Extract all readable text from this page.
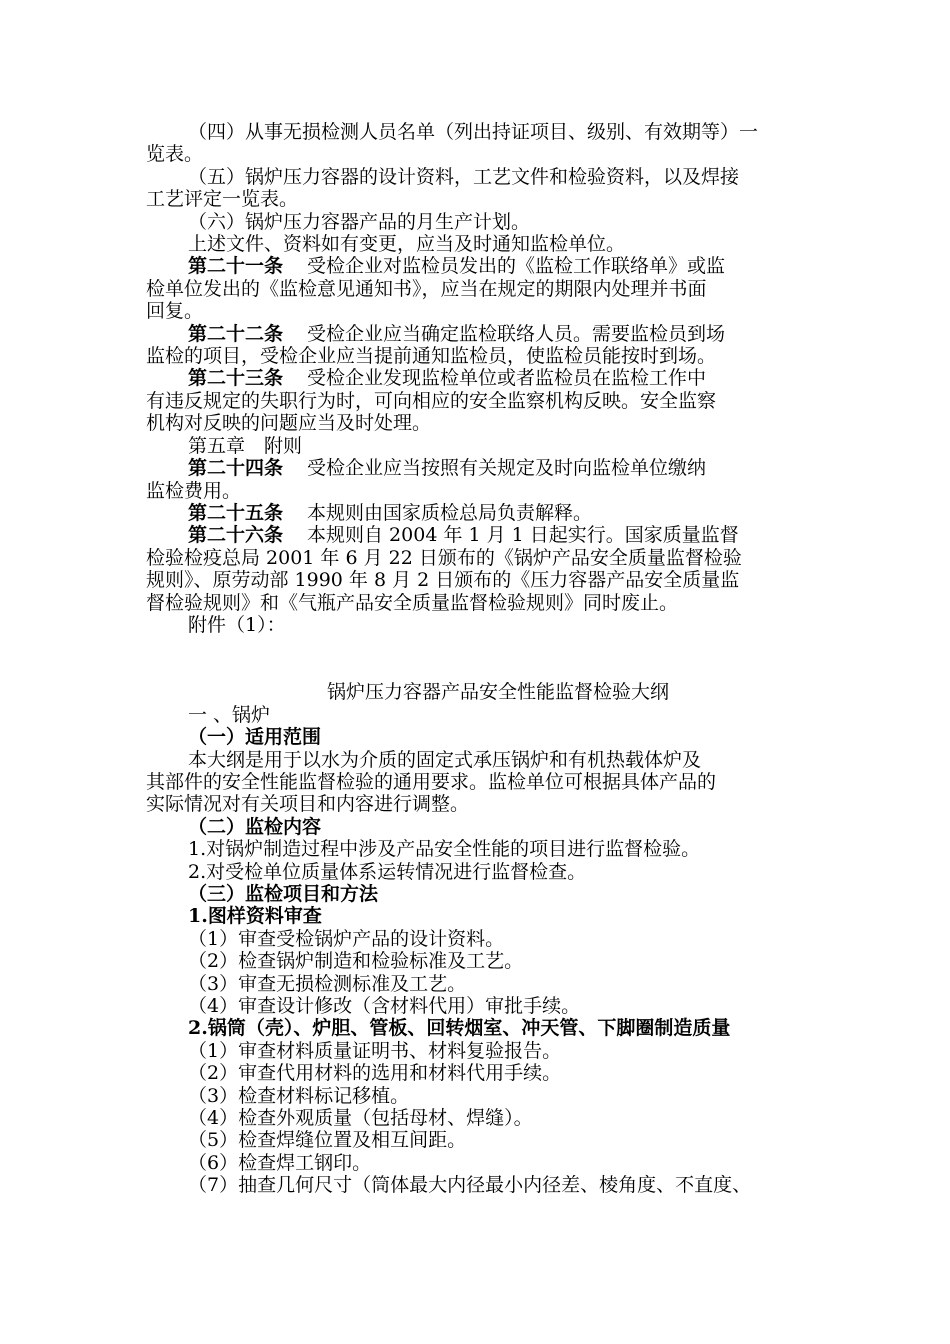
（四）从事无损检测人员名单（列出持证项目、级别、有效期等）一

览表。

（五）锅炉压力容器的设计资料，工艺文件和检验资料，以及焊接

工艺评定一览表。

（六）锅炉压力容器产品的月生产计划。

上述文件、资料如有变更，应当及时通知监检单位。

第二十一条 受检企业对监检员发出的《监检工作联络单》或监

检单位发出的《监检意见通知书》，应当在规定的期限内处理并书面

回复。

第二十二条 受检企业应当确定监检联络人员。需要监检员到场

监检的项目，受检企业应当提前通知监检员，使监检员能按时到场。

第二十三条 受检企业发现监检单位或者监检员在监检工作中

有违反规定的失职行为时，可向相应的安全监察机构反映。安全监察

机构对反映的问题应当及时处理。

第五章　附则

第二十四条 受检企业应当按照有关规定及时向监检单位缴纳

监检费用。

第二十五条 本规则由国家质检总局负责解释。

第二十六条 本规则自 2004 年 1 月 1 日起实行。国家质量监督

检验检疫总局 2001 年 6 月 22 日颁布的《锅炉产品安全质量监督检验

规则》、原劳动部 1990 年 8 月 2 日颁布的《压力容器产品安全质量监

督检验规则》和《气瓶产品安全质量监督检验规则》同时废止。

附件（1）：

锅炉压力容器产品安全性能监督检验大纲

一 、锅炉

（一）适用范围

本大纲是用于以水为介质的固定式承压锅炉和有机热载体炉及

其部件的安全性能监督检验的通用要求。监检单位可根据具体产品的

实际情况对有关项目和内容进行调整。

（二）监检内容

1.对锅炉制造过程中涉及产品安全性能的项目进行监督检验。

2.对受检单位质量体系运转情况进行监督检查。

（三）监检项目和方法

1.图样资料审查

（1）审查受检锅炉产品的设计资料。

（2）检查锅炉制造和检验标准及工艺。

（3）审查无损检测标准及工艺。

（4）审查设计修改（含材料代用）审批手续。

2.锅筒（壳）、炉胆、管板、回转烟室、冲天管、下脚圈制造质量

（1）审查材料质量证明书、材料复验报告。

（2）审查代用材料的选用和材料代用手续。

（3）检查材料标记移植。

（4）检查外观质量（包括母材、焊缝）。

（5）检查焊缝位置及相互间距。

（6）检查焊工钢印。

（7）抽查几何尺寸（筒体最大内径最小内径差、棱角度、不直度、
